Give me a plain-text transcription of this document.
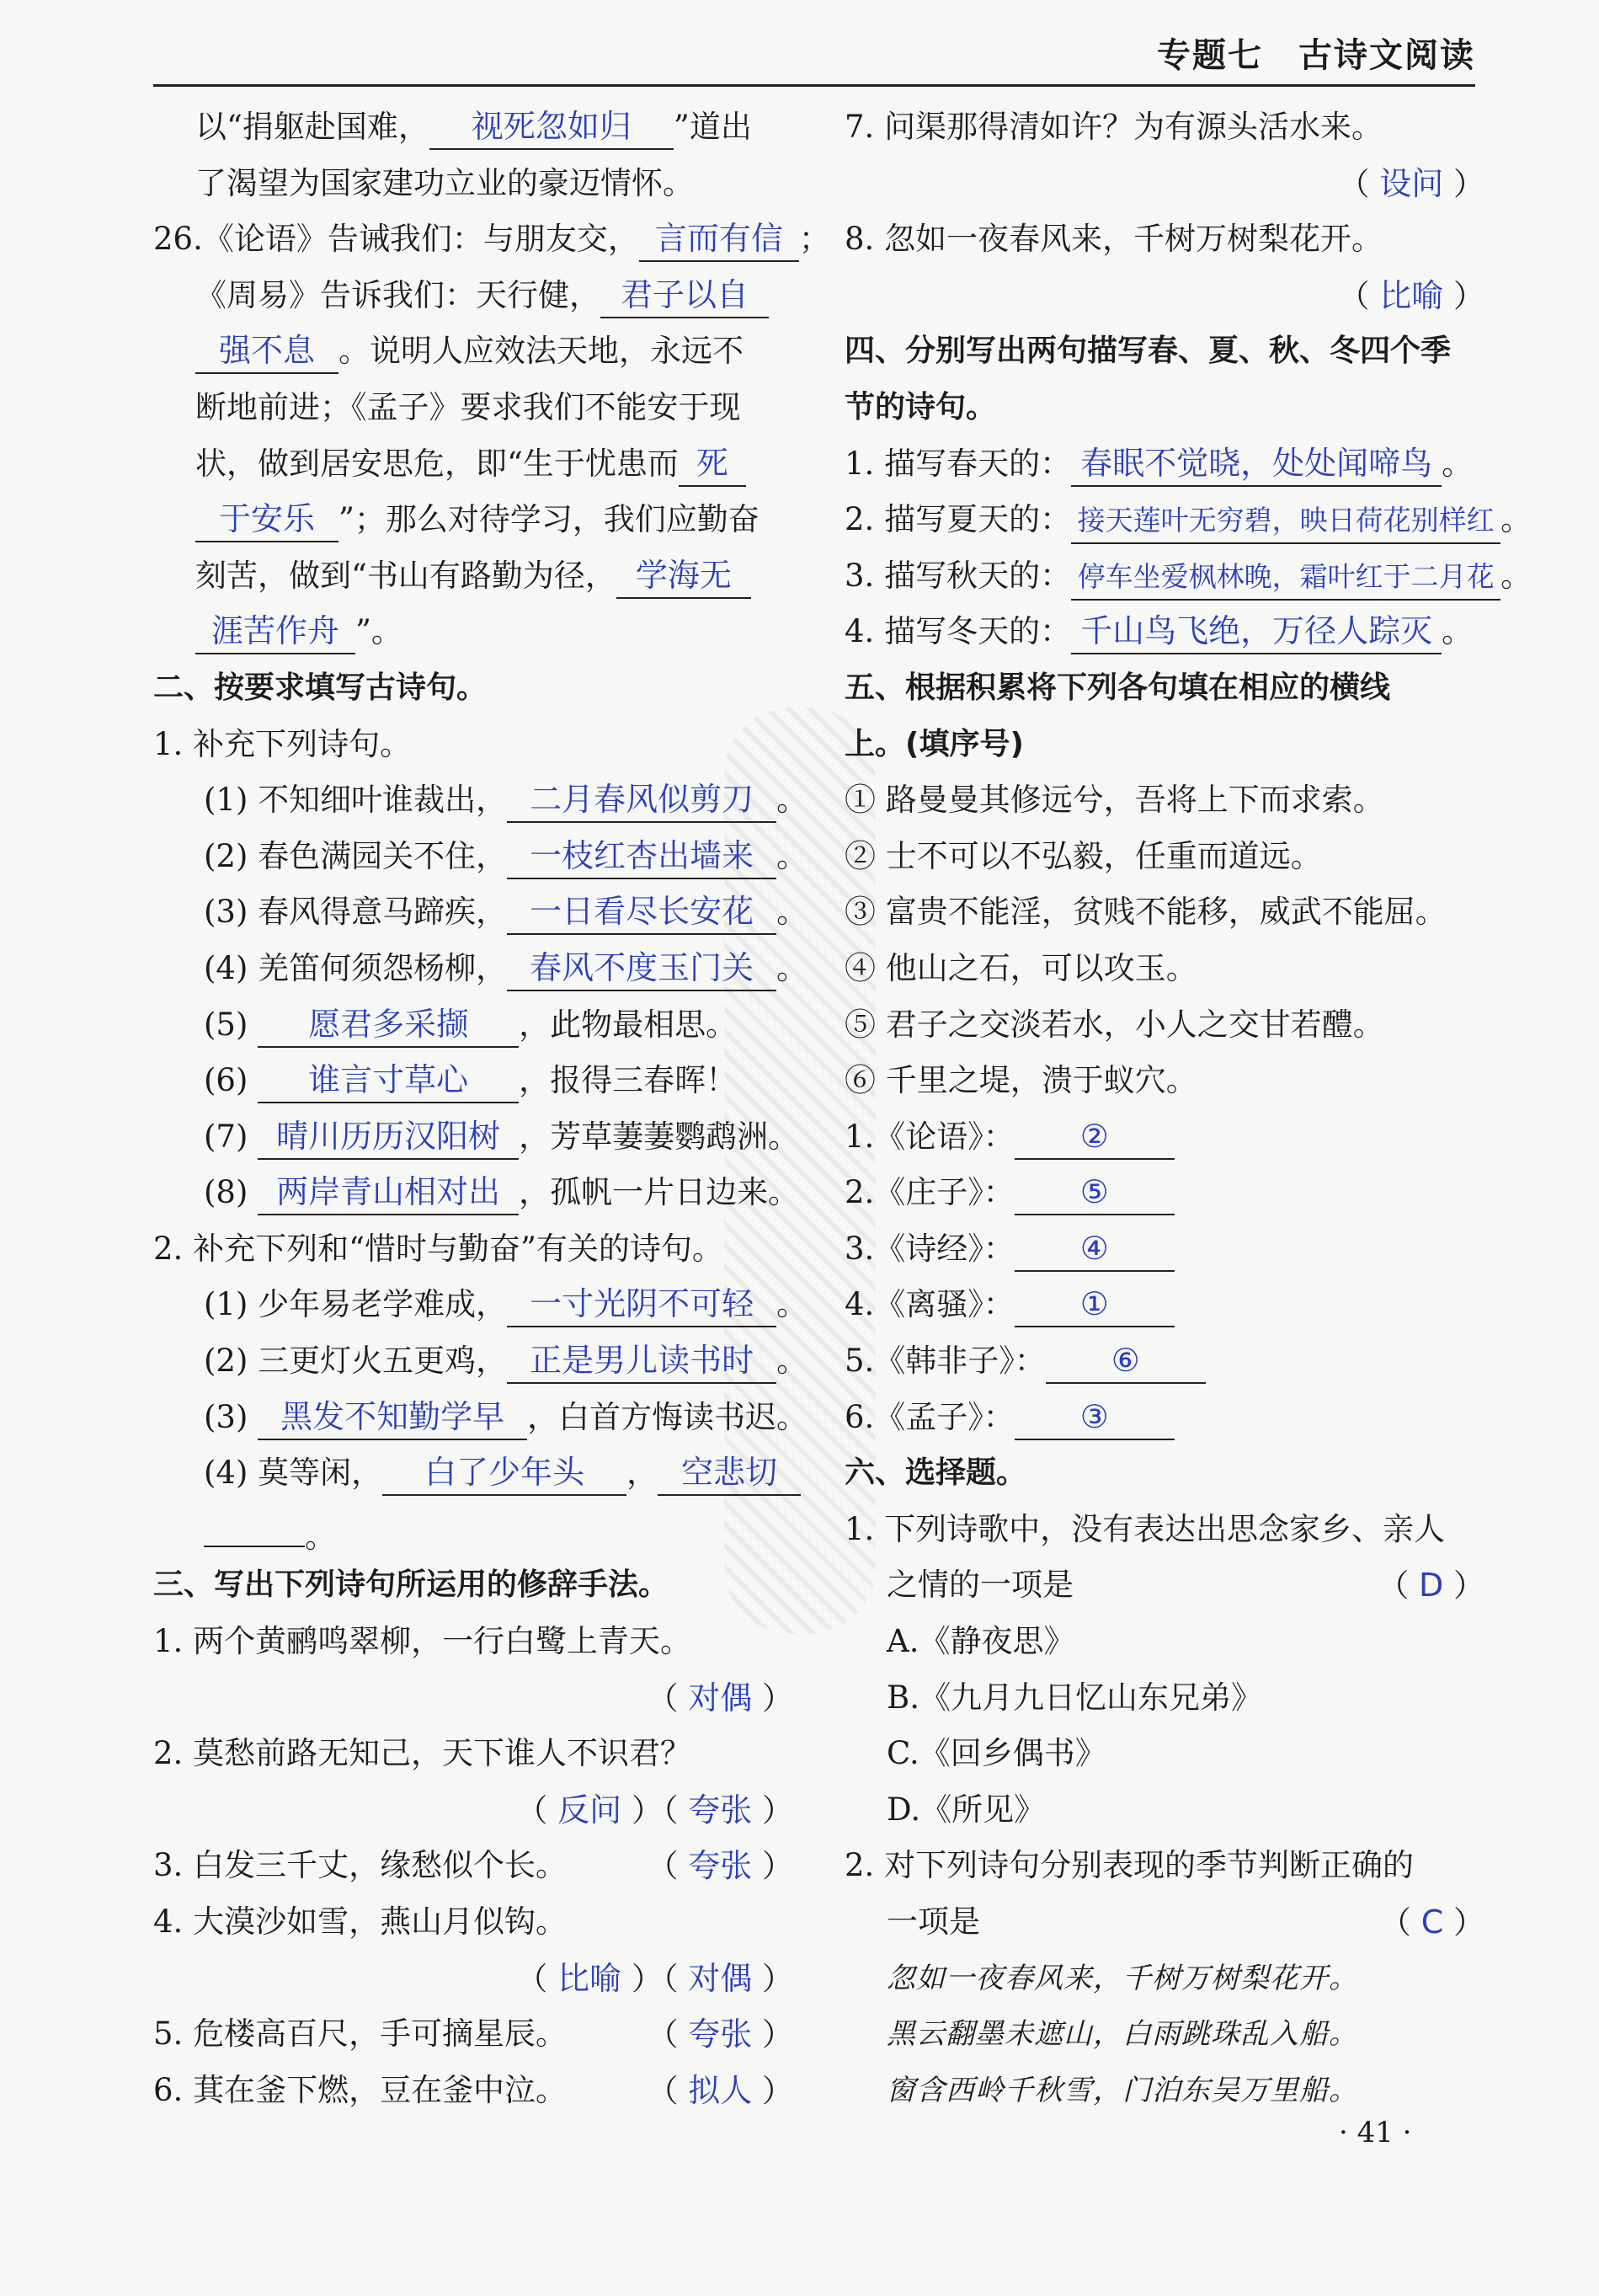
专题七　古诗文阅读
以“捐躯赴国难， 视死忽如归 ”道出
了渴望为国家建功立业的豪迈情怀。
26.《论语》告诫我们：与朋友交， 言而有信 ；
《周易》告诉我们：天行健， 君子以自
强不息 。说明人应效法天地，永远不
断地前进；《孟子》要求我们不能安于现
状，做到居安思危，即“生于忧患而 死
于安乐 ”；那么对待学习，我们应勤奋
刻苦，做到“书山有路勤为径， 学海无
涯苦作舟 ”。
二、按要求填写古诗句。
1. 补充下列诗句。
(1) 不知细叶谁裁出， 二月春风似剪刀 。
(2) 春色满园关不住， 一枝红杏出墙来 。
(3) 春风得意马蹄疾， 一日看尽长安花 。
(4) 羌笛何须怨杨柳， 春风不度玉门关 。
(5) 愿君多采撷 ，此物最相思。
(6) 谁言寸草心 ，报得三春晖！
(7) 晴川历历汉阳树 ，芳草萋萋鹦鹉洲。
(8) 两岸青山相对出 ，孤帆一片日边来。
2. 补充下列和“惜时与勤奋”有关的诗句。
(1) 少年易老学难成， 一寸光阴不可轻 。
(2) 三更灯火五更鸡， 正是男儿读书时 。
(3) 黑发不知勤学早 ，白首方悔读书迟。
(4) 莫等闲， 白了少年头 ， 空悲切
。
三、写出下列诗句所运用的修辞手法。
1. 两个黄鹂鸣翠柳，一行白鹭上青天。
（ 对偶 ）
2. 莫愁前路无知己，天下谁人不识君？
（ 反问 ）（ 夸张 ）
3. 白发三千丈，缘愁似个长。	（ 夸张 ）
4. 大漠沙如雪，燕山月似钩。
（ 比喻 ）（ 对偶 ）
5. 危楼高百尺，手可摘星辰。	（ 夸张 ）
6. 萁在釜下燃，豆在釜中泣。	（ 拟人 ）
7. 问渠那得清如许？为有源头活水来。
（ 设问 ）
8. 忽如一夜春风来，千树万树梨花开。
（ 比喻 ）
四、分别写出两句描写春、夏、秋、冬四个季
节的诗句。
1. 描写春天的： 春眠不觉晓，处处闻啼鸟 。
2. 描写夏天的： 接天莲叶无穷碧，映日荷花别样红 。
3. 描写秋天的： 停车坐爱枫林晚，霜叶红于二月花 。
4. 描写冬天的： 千山鸟飞绝，万径人踪灭 。
五、根据积累将下列各句填在相应的横线
上。(填序号)
① 路曼曼其修远兮，吾将上下而求索。
② 士不可以不弘毅，任重而道远。
③ 富贵不能淫，贫贱不能移，威武不能屈。
④ 他山之石，可以攻玉。
⑤ 君子之交淡若水，小人之交甘若醴。
⑥ 千里之堤，溃于蚁穴。
1.《论语》： ②
2.《庄子》： ⑤
3.《诗经》： ④
4.《离骚》： ①
5.《韩非子》： ⑥
6.《孟子》： ③
六、选择题。
1. 下列诗歌中，没有表达出思念家乡、亲人
之情的一项是	（ D ）
A.《静夜思》
B.《九月九日忆山东兄弟》
C.《回乡偶书》
D.《所见》
2. 对下列诗句分别表现的季节判断正确的
一项是	（ C ）
忽如一夜春风来，千树万树梨花开。
黑云翻墨未遮山，白雨跳珠乱入船。
窗含西岭千秋雪，门泊东吴万里船。
· 41 ·
